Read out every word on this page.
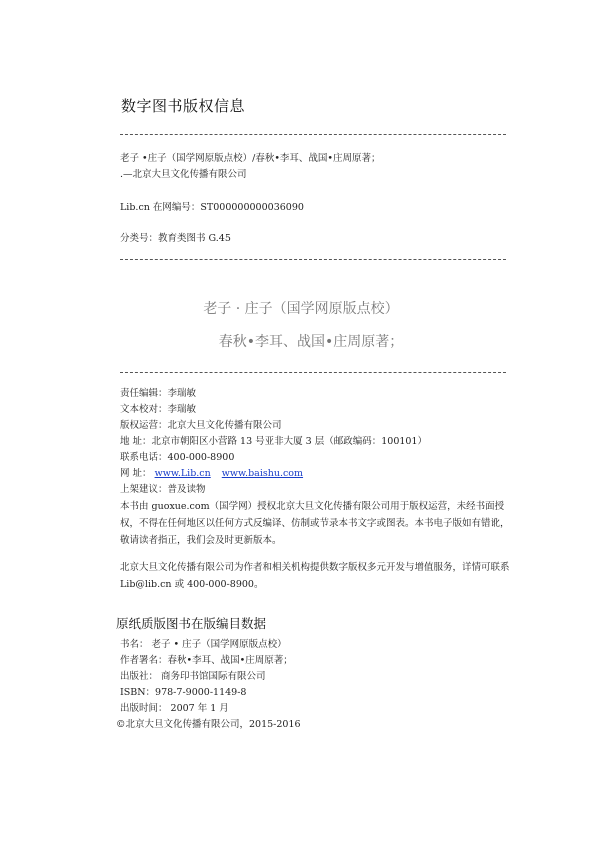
数字图书版权信息
老子 •庄子（国学网原版点校）/春秋•李耳、战国•庄周原著；
.—北京大旦文化传播有限公司
Lib.cn 在网编号：ST000000000036090
分类号：教育类图书 G.45
老子 · 庄子（国学网原版点校）
春秋•李耳、战国•庄周原著；
责任编辑：李瑞敏
文本校对：李瑞敏
版权运营：北京大旦文化传播有限公司
地 址：北京市朝阳区小营路 13 号亚非大厦 3 层（邮政编码：100101）
联系电话：400-000-8900
网 址： www.Lib.cn www.baishu.com
上架建议：普及读物
本书由 guoxue.com（国学网）授权北京大旦文化传播有限公司用于版权运营，未经书面授权，不得在任何地区以任何方式反编译、仿制或节录本书文字或图表。本书电子版如有错讹，敬请读者指正，我们会及时更新版本。
北京大旦文化传播有限公司为作者和相关机构提供数字版权多元开发与增值服务，详情可联系 Lib@lib.cn 或 400-000-8900。
原纸质版图书在版编目数据
书名： 老子 • 庄子（国学网原版点校）
作者署名：春秋•李耳、战国•庄周原著；
出版社： 商务印书馆国际有限公司
ISBN：978-7-9000-1149-8
出版时间： 2007 年 1 月
©北京大旦文化传播有限公司，2015-2016
